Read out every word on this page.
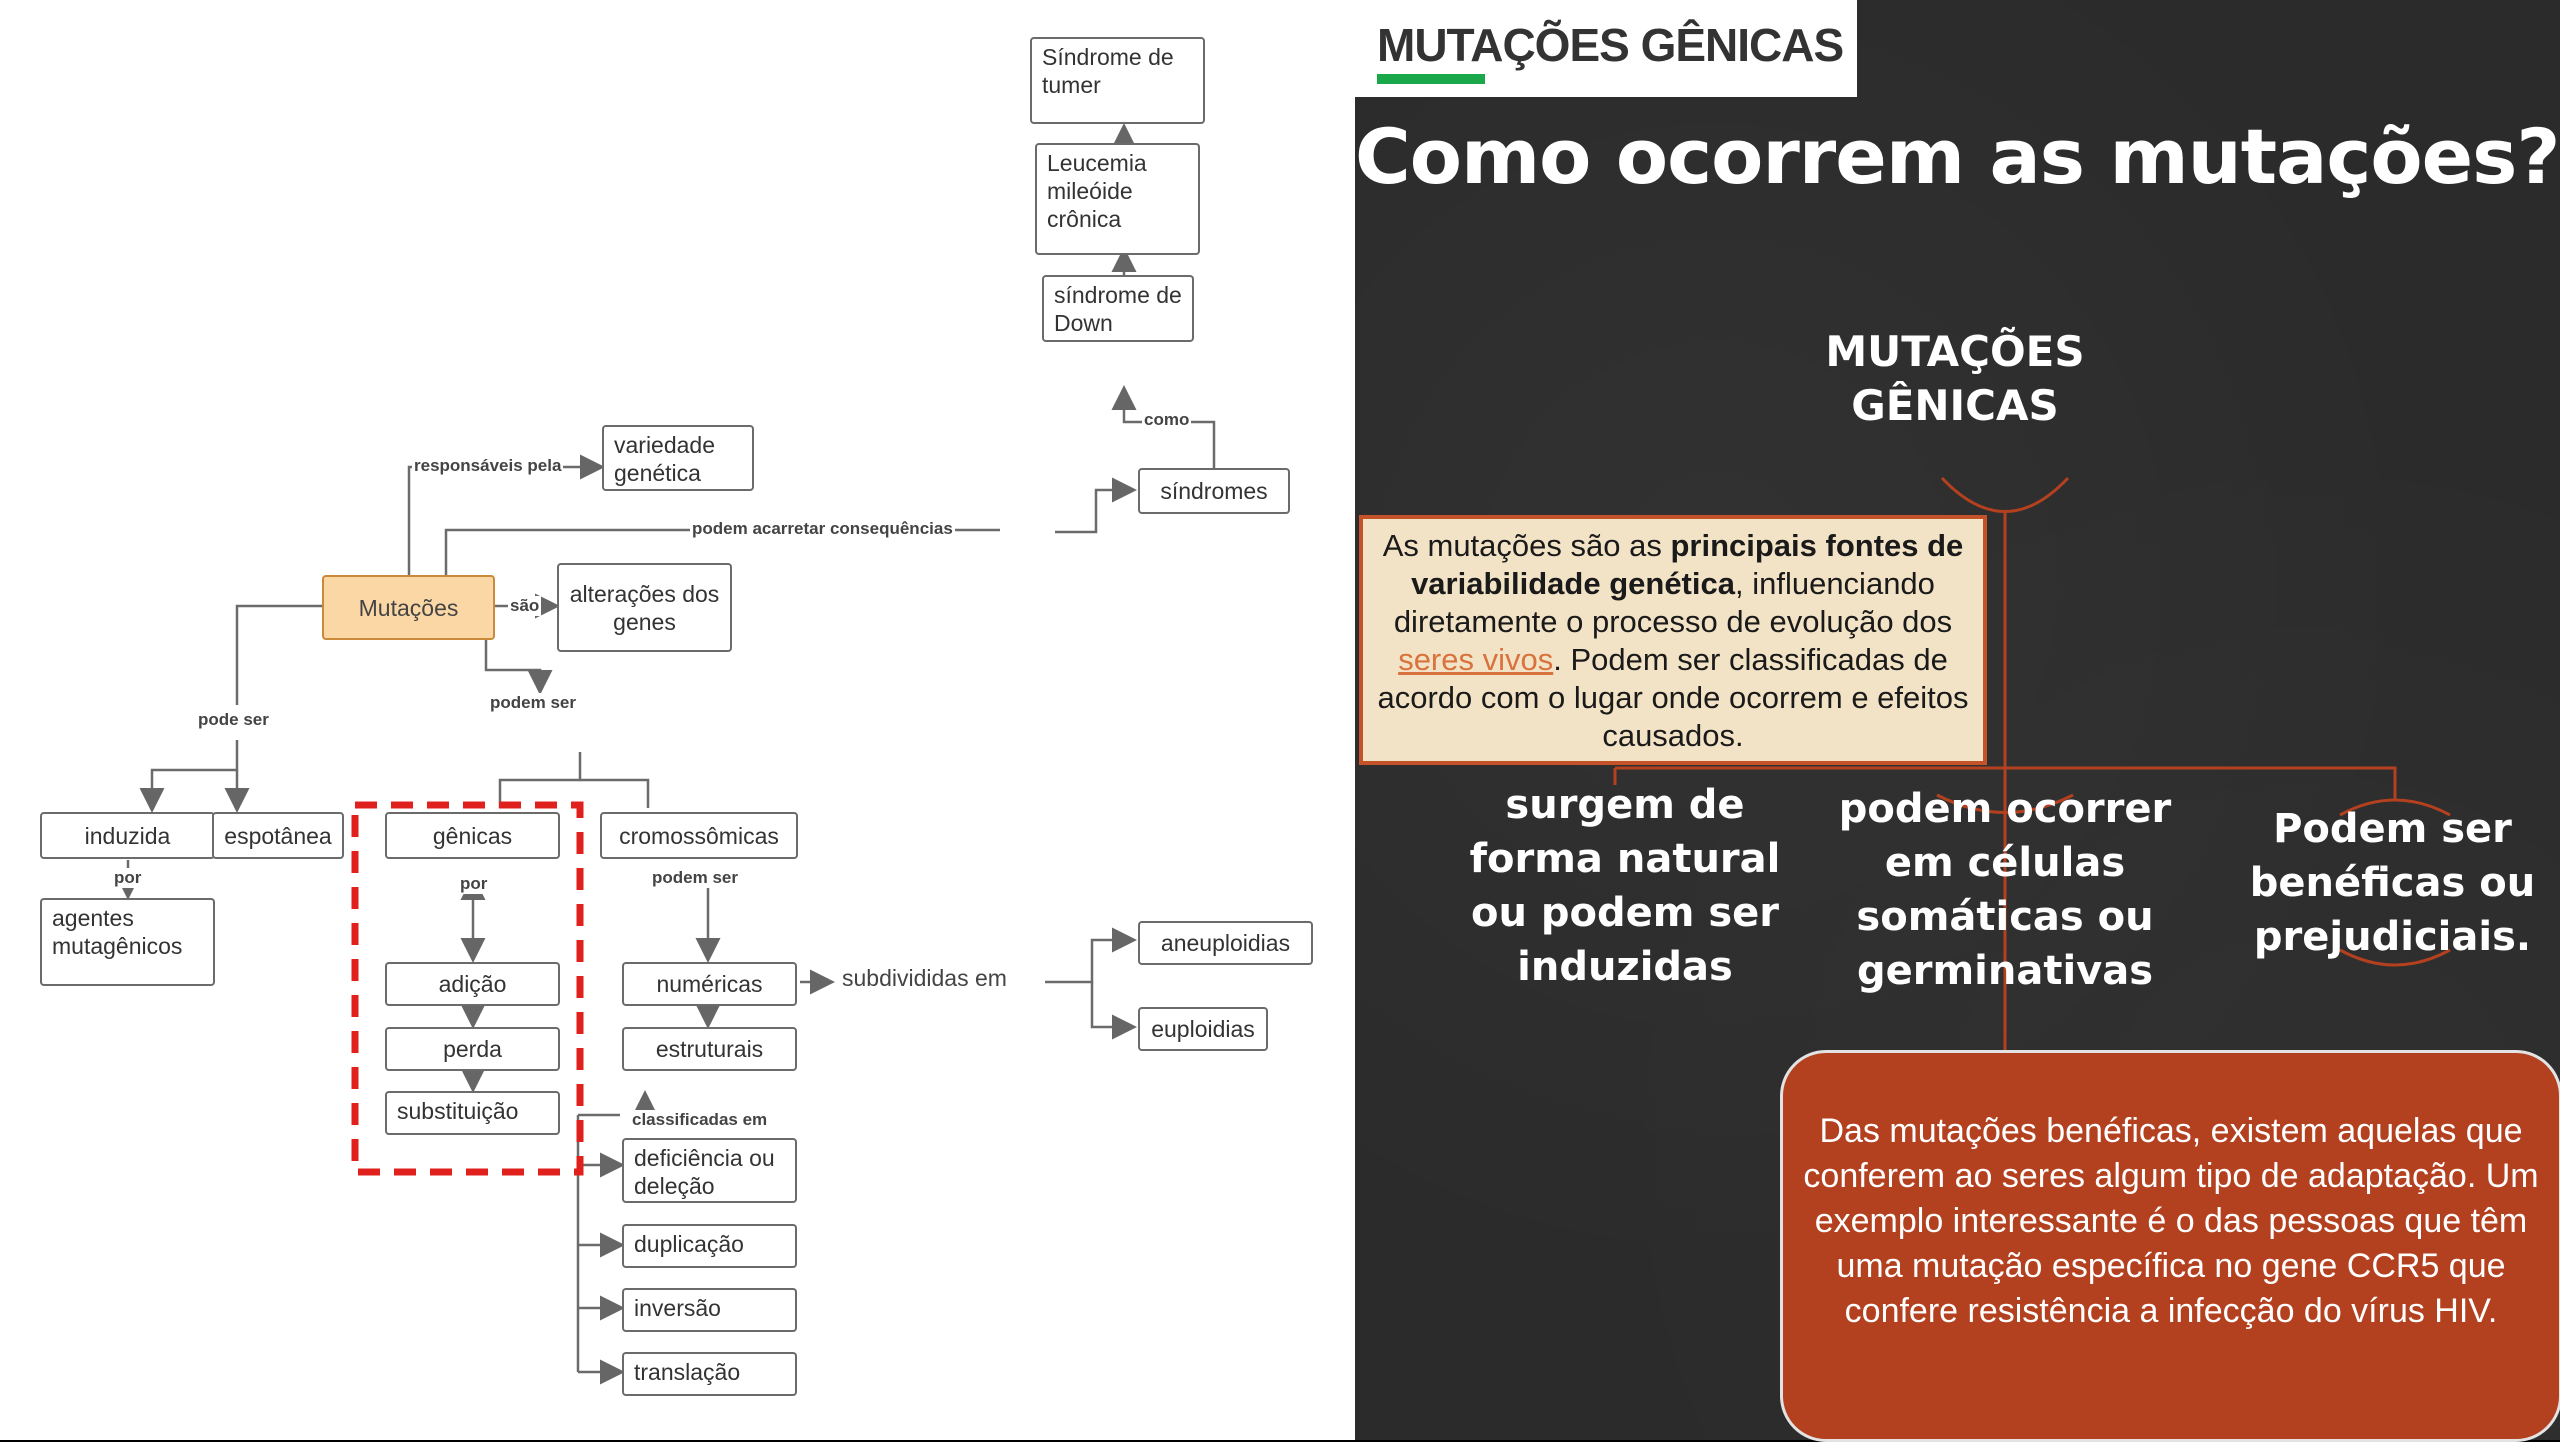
Síndrome de tumer
Leucemia mileóide crônica
síndrome de Down
síndromes
variedade genética
Mutações
alterações dos genes
induzida	espotânea
agentes mutagênicos
gênicas	cromossômicas
adição
perda
substituição
numéricas
estruturais
aneuploidias
euploidias
deficiência ou deleção
duplicação
inversão
translação
como
responsáveis pela
podem acarretar consequências
são
pode ser
podem ser
por	por	podem ser
subdivididas em
classificadas em
MUTAÇÕES GÊNICAS
Como ocorrem as mutações?
MUTAÇÕES GÊNICAS
As mutações são as principais fontes de variabilidade genética, influenciando diretamente o processo de evolução dos seres vivos. Podem ser classificadas de acordo com o lugar onde ocorrem e efeitos causados.
surgem de forma natural ou podem ser induzidas
podem ocorrer em células somáticas ou germinativas
Podem ser benéficas ou prejudiciais.
Das mutações benéficas, existem aquelas que conferem ao seres algum tipo de adaptação. Um exemplo interessante é o das pessoas que têm uma mutação específica no gene CCR5 que confere resistência a infecção do vírus HIV.
